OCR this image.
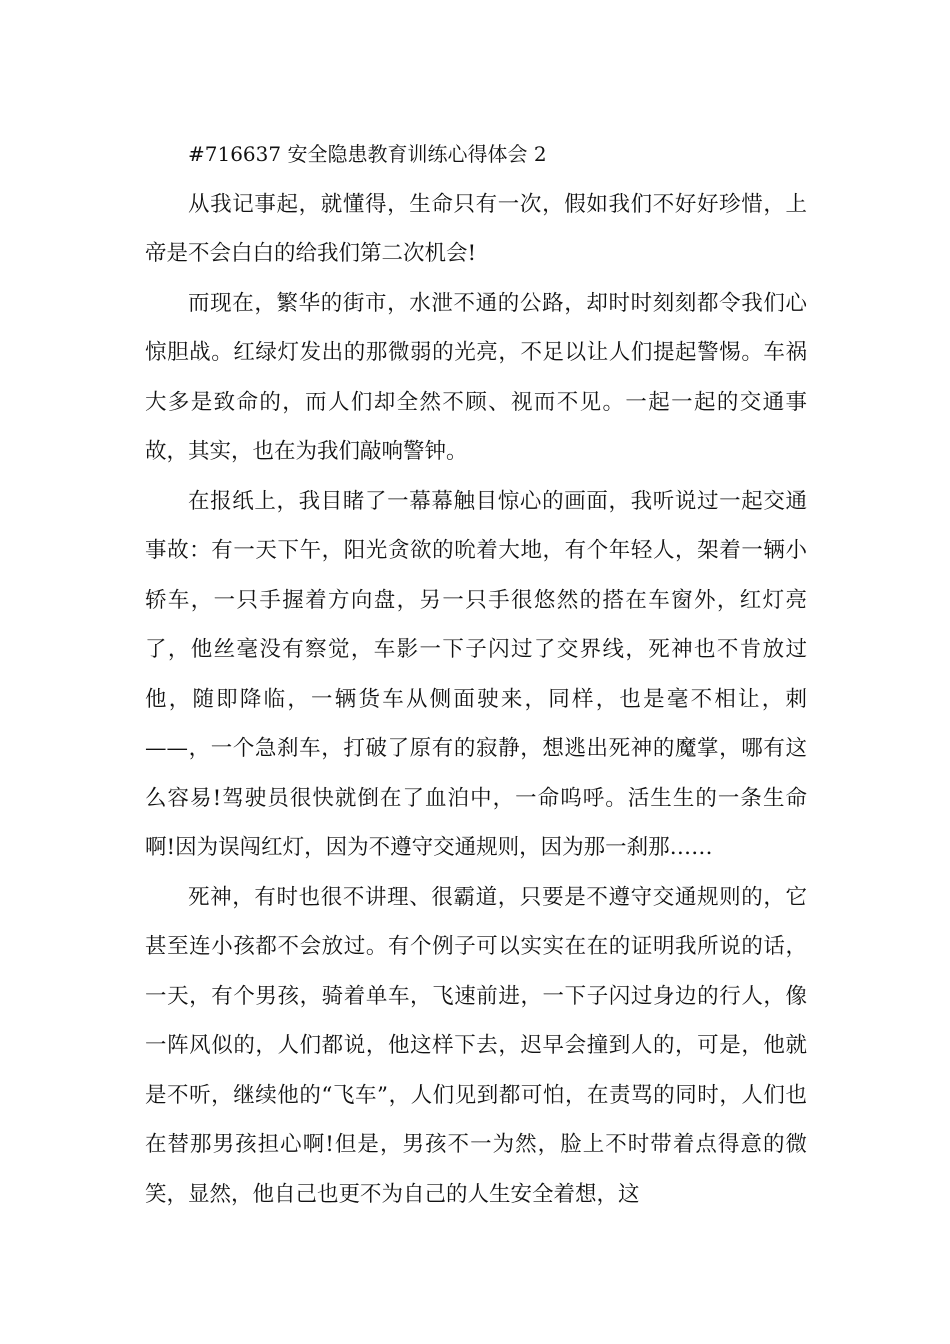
#716637 安全隐患教育训练心得体会 2

从我记事起，就懂得，生命只有一次，假如我们不好好珍惜，上帝是不会白白的给我们第二次机会!

而现在，繁华的街市，水泄不通的公路，却时时刻刻都令我们心惊胆战。红绿灯发出的那微弱的光亮，不足以让人们提起警惕。车祸大多是致命的，而人们却全然不顾、视而不见。一起一起的交通事故，其实，也在为我们敲响警钟。

在报纸上，我目睹了一幕幕触目惊心的画面，我听说过一起交通事故：有一天下午，阳光贪欲的吮着大地，有个年轻人，架着一辆小轿车，一只手握着方向盘，另一只手很悠然的搭在车窗外，红灯亮了，他丝毫没有察觉，车影一下子闪过了交界线，死神也不肯放过他，随即降临，一辆货车从侧面驶来，同样，也是毫不相让，刺——，一个急刹车，打破了原有的寂静，想逃出死神的魔掌，哪有这么容易!驾驶员很快就倒在了血泊中，一命呜呼。活生生的一条生命啊!因为误闯红灯，因为不遵守交通规则，因为那一刹那……

死神，有时也很不讲理、很霸道，只要是不遵守交通规则的，它甚至连小孩都不会放过。有个例子可以实实在在的证明我所说的话，一天，有个男孩，骑着单车，飞速前进，一下子闪过身边的行人，像一阵风似的，人们都说，他这样下去，迟早会撞到人的，可是，他就是不听，继续他的“飞车”，人们见到都可怕，在责骂的同时，人们也在替那男孩担心啊!但是，男孩不一为然，脸上不时带着点得意的微笑，显然，他自己也更不为自己的人生安全着想，这
